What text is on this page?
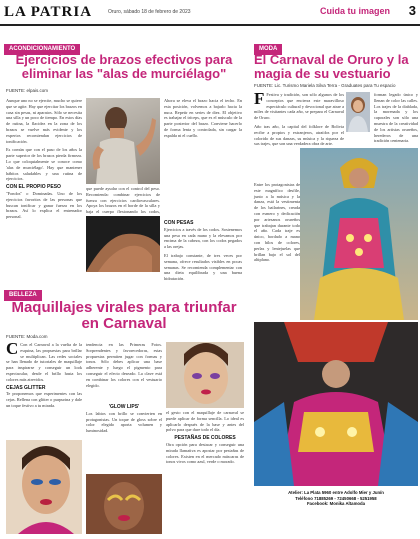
LA PATRIA	Oruro, sábado 18 de febrero de 2023	Cuida tu imagen 3
ACONDICIONAMIENTO
Ejercicios de brazos efectivos para eliminar las "alas de murciélago"
FUENTE: elpais.com
Aunque uno no se ejercite, mucho se quiere que se agite. Hay que ejercitar los brazos en casa sin pesas, ni aparatos. Sólo se necesita una silla y un poco de tiempo. En estos días de rutina, la flacidez en la zona de los brazos se vuelve más evidente y los expertos recomiendan ejercicios de tonificación.
Es común que con el paso de los años la parte superior de los brazos pierda firmeza. Lo que coloquialmente se conoce como 'alas de murciélago'. Hay que mantener hábitos saludables y una rutina de ejercicios.
CON EL PROPIO PESO
"Fondos" o Dominadas. Uno de los ejercicios favoritos de las personas que buscan tonificar y ganar fuerza en los brazos. Así lo explica el entrenador personal.
que puede ayudar con el control del peso. Recomienda: combinar ejercicios de fuerza con ejercicios cardiovasculares. Apoya los brazos en el borde de la silla y baja el cuerpo flexionando los codos,
Ahora se eleva el brazo hacia el techo. En esta posición, volvemos a bajarlo hacia la nuca. Repetir en series de diez. El objetivo es trabajar el tríceps, que es el músculo de la parte posterior del brazo. Conviene hacerlo de forma lenta y controlada, sin cargar la espalda ni el cuello.
CON PESAS
Ejercicios a través de los codos. Sostenemos una pesa en cada mano y la elevamos por encima de la cabeza, con los codos pegados a las orejas.
El trabajo constante, de tres veces por semana, ofrece resultados visibles en pocas semanas. Se recomienda complementar con una dieta equilibrada y una buena hidratación.
MODA
El Carnaval de Oruro y la magia de su vestuario
FUENTE: Lic. Turismo Mariela Silva Terra - Graduates para Tu espacio
F Festiva y tradición, son sólo algunos de los conceptos que encierra este maravilloso espectáculo cultural y devocional que atrae a miles de visitantes cada año, se prepara el Carnaval de Oruro.
Año tras año, la capital del folklore de Bolivia recibe a propios y extranjeros, atraídos por el colorido de sus danzas, su música y la riqueza de sus trajes, que son una verdadera obra de arte.
forman legado único y llenan de color las calles. Los trajes de la diablada, la morenada y los caporales son sólo una muestra de la creatividad de los artistas orureños, herederos de una tradición centenaria.
Entre los protagonistas de este magnífico desfile, junto a la música y la danza, está la vestimenta de los bailarines, creada con esmero y dedicación por artesanos orureños que trabajan durante todo el año. Cada traje es único, bordado a mano con hilos de colores, perlas y lentejuelas que brillan bajo el sol del altiplano.
Atelier: La Plata 5960 entre Adolfo Mier y Junín
Teléfono 71885269 - 72450668 - 5251958
Facebook: Monika Altamoda
BELLEZA
Maquillajes virales para triunfar en Carnaval
FUENTE: Moda.com
C Con el Carnaval a la vuelta de la esquina, las propuestas para brillar se multiplican. Las redes sociales se han llenado de tutoriales de maquillaje para inspirarse y conseguir un look espectacular, desde el brillo hasta los colores más atrevidos.
CEJAS GLITTER
Te proponemos que experimentes con las cejas. Rellena con glitter o purpurina y dale un toque festivo a tu mirada.
tendencia en las Primeras Fotos. Sorprendentes y favorecedoras, estas propuestas permiten jugar con formas y tonos. Sólo debes aplicar una base adherente y luego el pigmento para conseguir el efecto deseado. La clave está en combinar los colores con el vestuario elegido.
'GLOW LIPS'
Los labios con brillo se convierten en protagonistas. Un toque de gloss sobre el color elegido aporta volumen y luminosidad.
el gesto con el maquillaje de carnaval se puede aplicar de forma sencilla. Lo ideal es aplicarlo después de la base y antes del polvo para que dure todo el día.
PESTAÑAS DE COLORES
Otra opción para destacar y conseguir una mirada llamativa es apostar por pestañas de colores. Existen en el mercado máscaras de tonos vivos como azul, verde o morado.
